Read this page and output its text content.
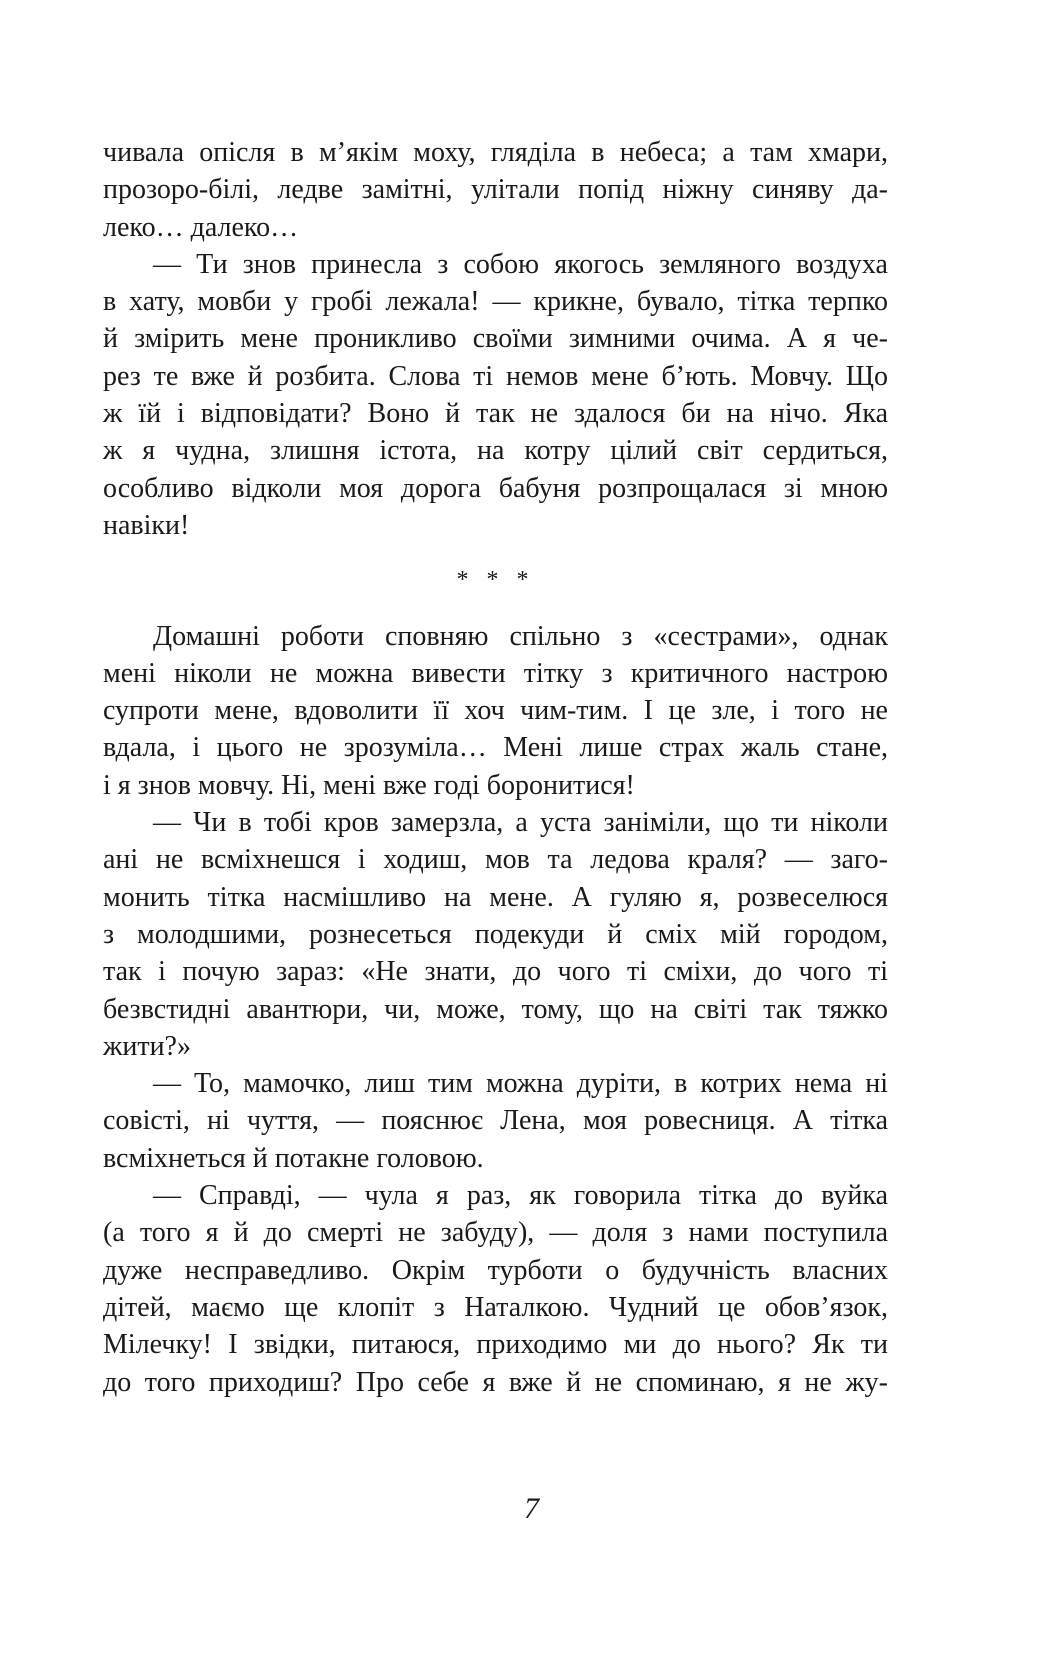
чивала опісля в м’якім моху, гляділа в небеса; а там хмари,
прозоро-білі, ледве замітні, улітали попід ніжну синяву да-
леко… далеко…
— Ти знов принесла з собою якогось земляного воздуха
в хату, мовби у гробі лежала! — крикне, бувало, тітка терпко
й змірить мене проникливо своїми зимними очима. А я че-
рез те вже й розбита. Слова ті немов мене б’ють. Мовчу. Що
ж їй і відповідати? Воно й так не здалося би на нічо. Яка
ж я чудна, злишня істота, на котру цілий світ сердиться,
особливо відколи моя дорога бабуня розпрощалася зі мною
навіки!
* * *
Домашні роботи сповняю спільно з «сестрами», однак
мені ніколи не можна вивести тітку з критичного настрою
супроти мене, вдоволити її хоч чим-тим. І це зле, і того не
вдала, і цього не зрозуміла… Мені лише страх жаль стане,
і я знов мовчу. Ні, мені вже годі боронитися!
— Чи в тобі кров замерзла, а уста заніміли, що ти ніколи
ані не всміхнешся і ходиш, мов та ледова краля? — заго-
монить тітка насмішливо на мене. А гуляю я, розвеселюся
з молодшими, рознесеться подекуди й сміх мій городом,
так і почую зараз: «Не знати, до чого ті сміхи, до чого ті
безвстидні авантюри, чи, може, тому, що на світі так тяжко
жити?»
— То, мамочко, лиш тим можна дуріти, в котрих нема ні
совісті, ні чуття, — пояснює Лена, моя ровесниця. А тітка
всміхнеться й потакне головою.
— Справді, — чула я раз, як говорила тітка до вуйка
(а того я й до смерті не забуду), — доля з нами поступила
дуже несправедливо. Окрім турботи о будучність власних
дітей, маємо ще клопіт з Наталкою. Чудний це обов’язок,
Мілечку! І звідки, питаюся, приходимо ми до нього? Як ти
до того приходиш? Про себе я вже й не споминаю, я не жу-
7
